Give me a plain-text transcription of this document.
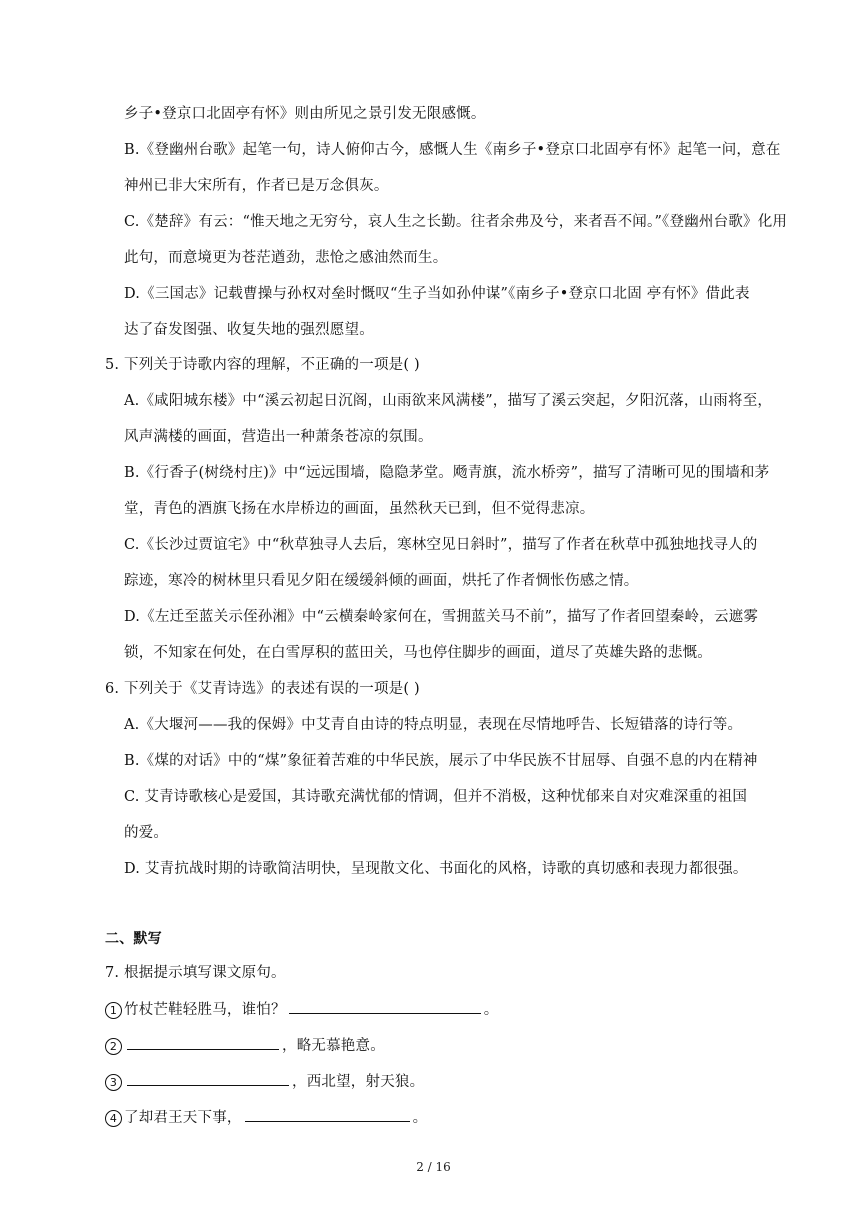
乡子•登京口北固亭有怀》则由所见之景引发无限感慨。
B.《登幽州台歌》起笔一句，诗人俯仰古今，感慨人生《南乡子•登京口北固亭有怀》起笔一问，意在
神州已非大宋所有，作者已是万念俱灰。
C.《楚辞》有云：“惟天地之无穷兮，哀人生之长勤。往者余弗及兮，来者吾不闻。”《登幽州台歌》化用
此句，而意境更为苍茫遒劲，悲怆之感油然而生。
D.《三国志》记载曹操与孙权对垒时慨叹“生子当如孙仲谋”《南乡子•登京口北固 亭有怀》借此表
达了奋发图强、收复失地的强烈愿望。
5. 下列关于诗歌内容的理解，不正确的一项是( )
A.《咸阳城东楼》中“溪云初起日沉阁，山雨欲来风满楼”，描写了溪云突起，夕阳沉落，山雨将至，
风声满楼的画面，营造出一种萧条苍凉的氛围。
B.《行香子(树绕村庄)》中“远远围墙，隐隐茅堂。飏青旗，流水桥旁”，描写了清晰可见的围墙和茅
堂，青色的酒旗飞扬在水岸桥边的画面，虽然秋天已到，但不觉得悲凉。
C.《长沙过贾谊宅》中“秋草独寻人去后，寒林空见日斜时”，描写了作者在秋草中孤独地找寻人的
踪迹，寒冷的树林里只看见夕阳在缓缓斜倾的画面，烘托了作者惆怅伤感之情。
D.《左迁至蓝关示侄孙湘》中“云横秦岭家何在，雪拥蓝关马不前”，描写了作者回望秦岭，云遮雾
锁，不知家在何处，在白雪厚积的蓝田关，马也停住脚步的画面，道尽了英雄失路的悲慨。
6. 下列关于《艾青诗选》的表述有误的一项是( )
A.《大堰河——我的保姆》中艾青自由诗的特点明显，表现在尽情地呼告、长短错落的诗行等。
B.《煤的对话》中的“煤”象征着苦难的中华民族，展示了中华民族不甘屈辱、自强不息的内在精神
C. 艾青诗歌核心是爱国，其诗歌充满忧郁的情调，但并不消极，这种忧郁来自对灾难深重的祖国
的爱。
D. 艾青抗战时期的诗歌简洁明快，呈现散文化、书面化的风格，诗歌的真切感和表现力都很强。
二、默写
7. 根据提示填写课文原句。
1 竹杖芒鞋轻胜马，谁怕？	。
2	，略无慕艳意。
3	，西北望，射天狼。
4 了却君王天下事，	。
2 / 16
